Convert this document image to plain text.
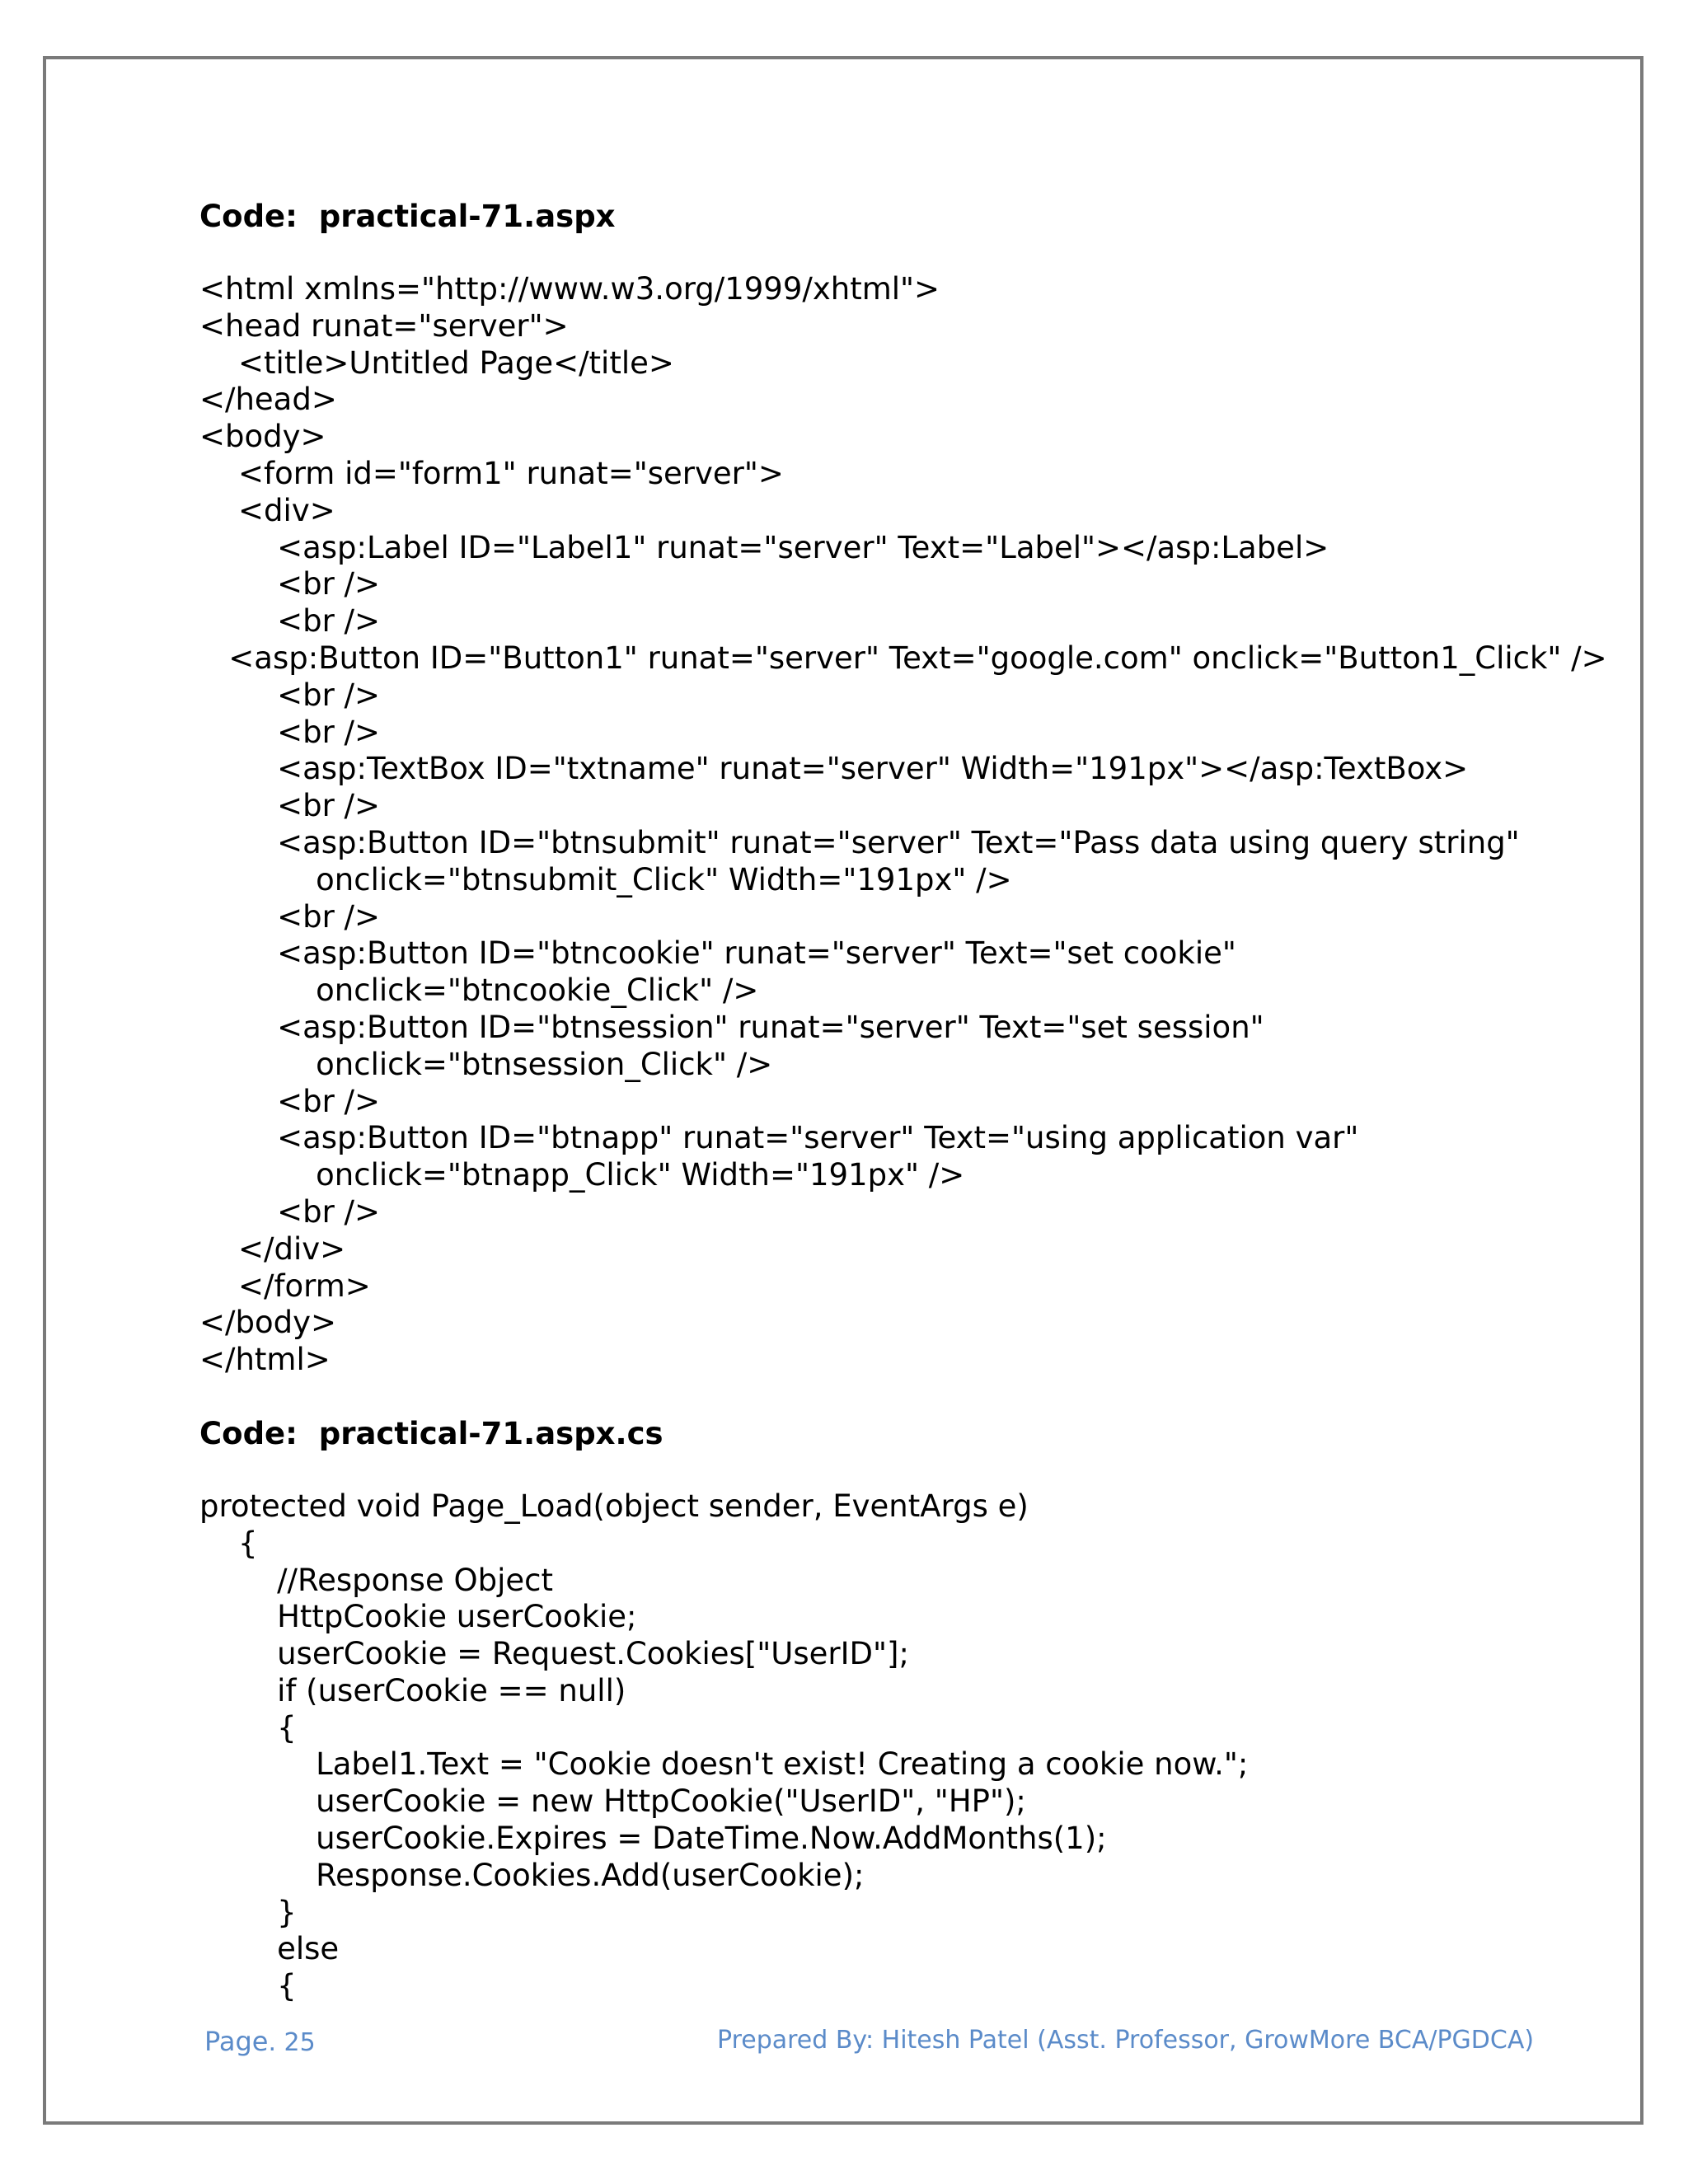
Code:  practical-71.aspx
<html xmlns="http://www.w3.org/1999/xhtml">
<head runat="server">
<title>Untitled Page</title>
</head>
<body>
<form id="form1" runat="server">
<div>
<asp:Label ID="Label1" runat="server" Text="Label"></asp:Label>
<br />
<br />
<asp:Button ID="Button1" runat="server" Text="google.com" onclick="Button1_Click" />
<br />
<br />
<asp:TextBox ID="txtname" runat="server" Width="191px"></asp:TextBox>
<br />
<asp:Button ID="btnsubmit" runat="server" Text="Pass data using query string"
onclick="btnsubmit_Click" Width="191px" />
<br />
<asp:Button ID="btncookie" runat="server" Text="set cookie"
onclick="btncookie_Click" />
<asp:Button ID="btnsession" runat="server" Text="set session"
onclick="btnsession_Click" />
<br />
<asp:Button ID="btnapp" runat="server" Text="using application var"
onclick="btnapp_Click" Width="191px" />
<br />
</div>
</form>
</body>
</html>
Code:  practical-71.aspx.cs
protected void Page_Load(object sender, EventArgs e)
{
//Response Object
HttpCookie userCookie;
userCookie = Request.Cookies["UserID"];
if (userCookie == null)
{
Label1.Text = "Cookie doesn't exist! Creating a cookie now.";
userCookie = new HttpCookie("UserID", "HP");
userCookie.Expires = DateTime.Now.AddMonths(1);
Response.Cookies.Add(userCookie);
}
else
{
Page. 25	Prepared By: Hitesh Patel (Asst. Professor, GrowMore BCA/PGDCA)
